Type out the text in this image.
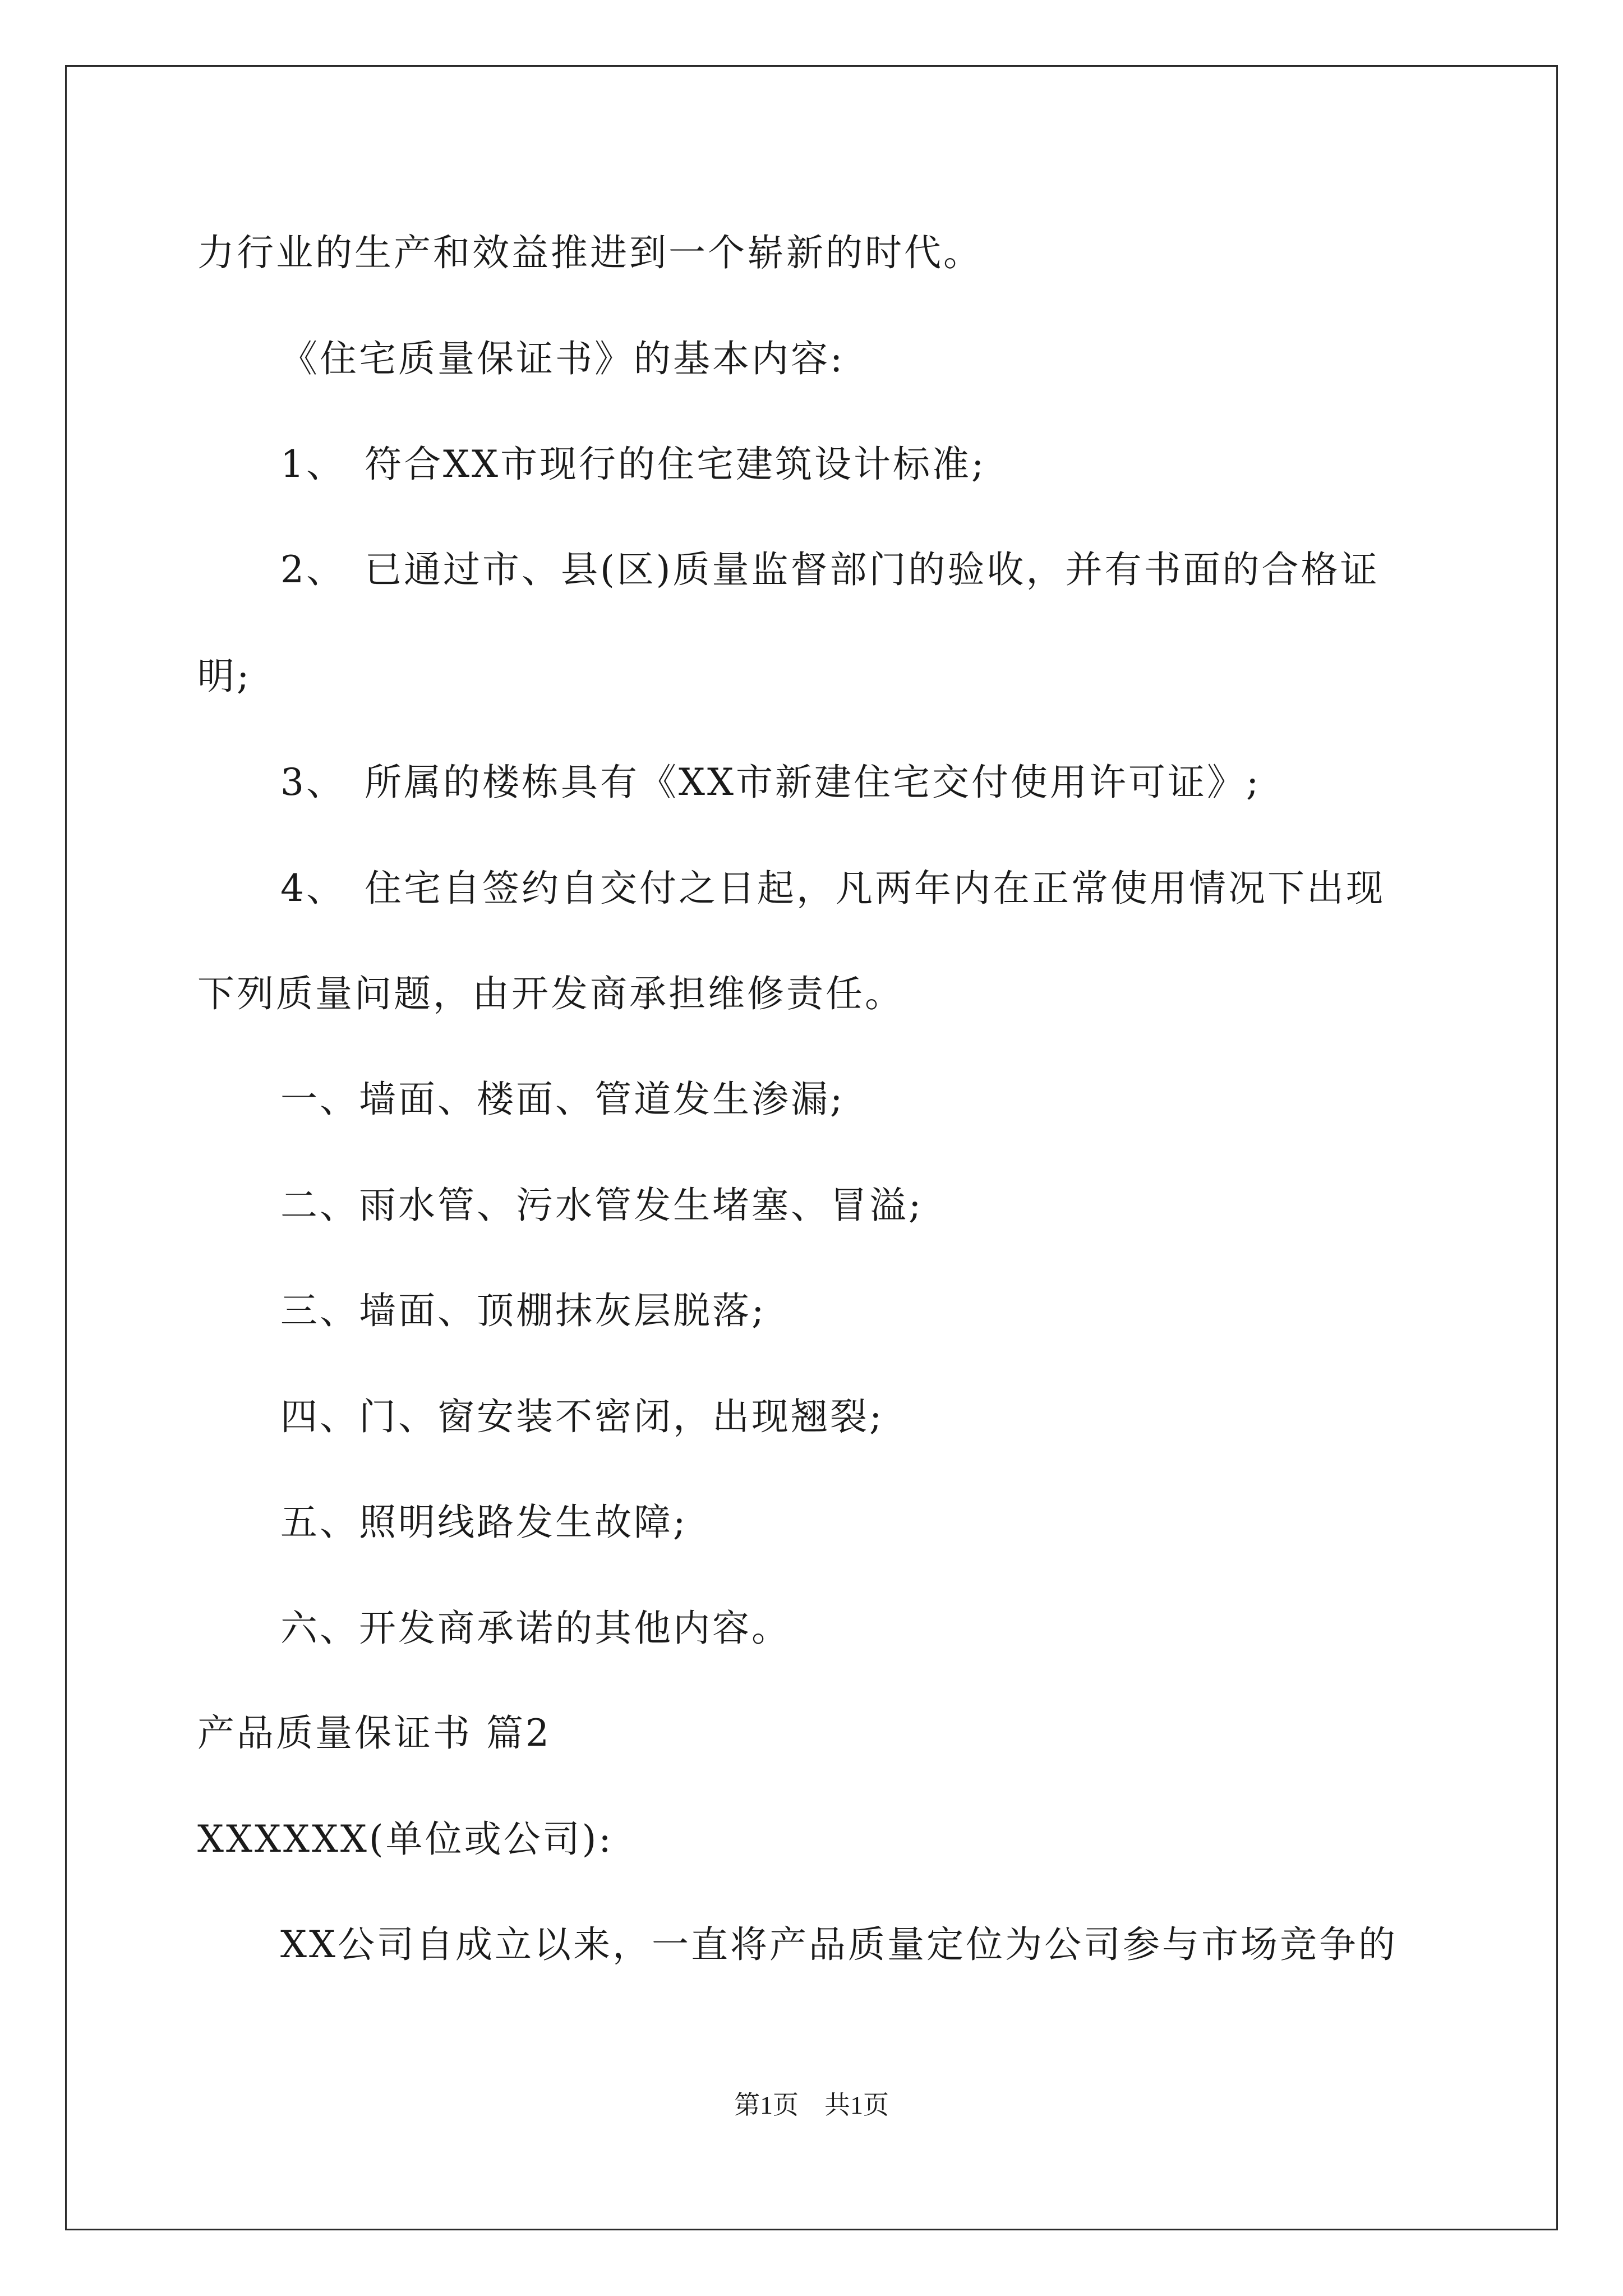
力行业的生产和效益推进到一个崭新的时代。
《住宅质量保证书》的基本内容:
1、 符合XX市现行的住宅建筑设计标准;
2、 已通过市、县(区)质量监督部门的验收，并有书面的合格证
明;
3、 所属的楼栋具有《XX市新建住宅交付使用许可证》;
4、 住宅自签约自交付之日起，凡两年内在正常使用情况下出现
下列质量问题，由开发商承担维修责任。
一、墙面、楼面、管道发生渗漏;
二、雨水管、污水管发生堵塞、冒溢;
三、墙面、顶棚抹灰层脱落;
四、门、窗安装不密闭，出现翘裂;
五、照明线路发生故障;
六、开发商承诺的其他内容。
产品质量保证书 篇2
XXXXXX(单位或公司):
XX公司自成立以来，一直将产品质量定位为公司参与市场竞争的
第1页　共1页
